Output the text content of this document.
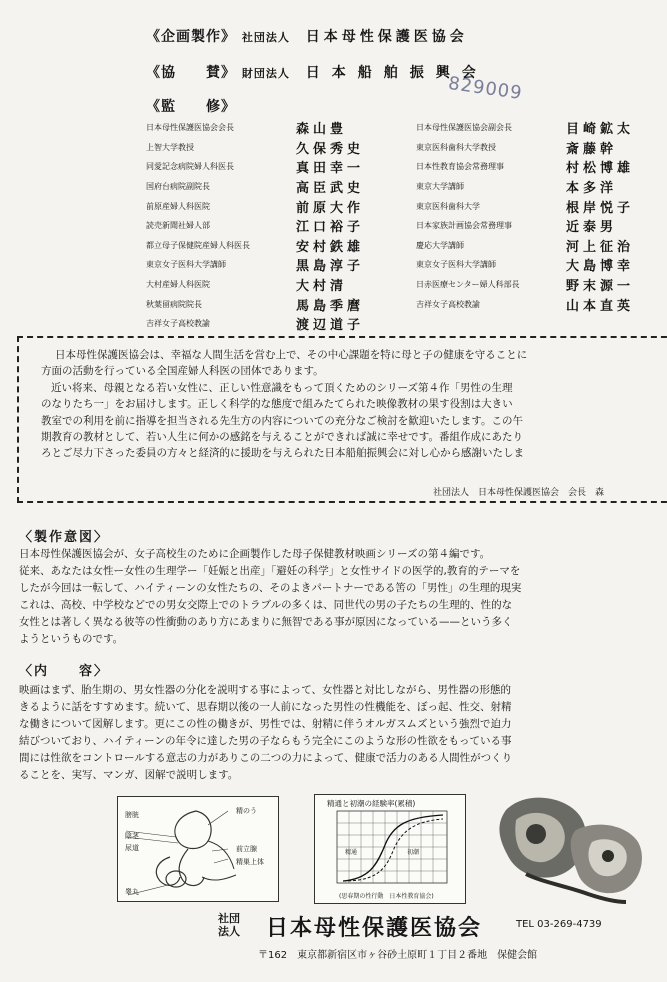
《企画製作》 社団法人 日本母性保護医協会
《協　　賛》 財団法人 日本船舶振興会
829009
《監　　修》
日本母性保護医協会会長	森山豊
上智大学教授	久保秀史
同愛記念病院婦人科医長	真田幸一
国府台病院副院長	高臣武史
前原産婦人科医院	前原大作
読売新聞社婦人部	江口裕子
都立母子保健院産婦人科医長	安村鉄雄
東京女子医科大学講師	黒島淳子
大村産婦人科医院	大村清
秋葉留病院院長	馬島季麿
吉祥女子高校教諭	渡辺道子
日本母性保護医協会副会長	目崎鉱太
東京医科歯科大学教授	斎藤幹
日本性教育協会常務理事	村松博雄
東京大学講師	本多洋
東京医科歯科大学	根岸悦子
日本家族計画協会常務理事	近泰男
慶応大学講師	河上征治
東京女子医科大学講師	大島博幸
日赤医療センター婦人科部長	野末源一
吉祥女子高校教諭	山本直英

日本母性保護医協会は、幸福な人間生活を営む上で、その中心課題を特に母と子の健康を守ることに

方面の活動を行っている全国産婦人科医の団体であります。

近い将来、母親となる若い女性に、正しい性意識をもって頂くためのシリーズ第４作「男性の生理

のなりたち一」をお届けします。正しく科学的な態度で組みたてられた映像教材の果す役割は大きい

教室での利用を前に指導を担当される先生方の内容についての充分なご検討を歓迎いたします。この午

期教育の教材として、若い人生に何かの感銘を与えることができれば誠に幸せです。番組作成にあたり

ろとご尽力下さった委員の方々と経済的に援助を与えられた日本船舶振興会に対し心から感謝いたしま

社団法人　日本母性保護医協会　会長　森
〈製作意図〉

日本母性保護医協会が、女子高校生のために企画製作した母子保健教材映画シリーズの第４編です。

従来、あなたは女性ー女性の生理学ー「妊娠と出産」「避妊の科学」と女性サイドの医学的,教育的テーマを

したが今回は一転して、ハイティーンの女性たちの、そのよきパートナーである筈の「男性」の生理的現実

これは、高校、中学校などでの男女交際上でのトラブルの多くは、同世代の男の子たちの生理的、性的な

女性とは著しく異なる彼等の性衝動のあり方にあまりに無智である事が原因になっている——という多く

ようというものです。

〈内　　容〉

映画はまず、胎生期の、男女性器の分化を説明する事によって、女性器と対比しながら、男性器の形態的

きるように話をすすめます。続いて、思春期以後の一人前になった男性の性機能を、ぼっ起、性交、射精

な働きについて図解します。更にこの性の働きが、男性では、射精に伴うオルガスムズという強烈で迫力

結びついており、ハイティーンの年令に達した男の子ならもう完全にこのような形の性欲をもっている事

間には性欲をコントロールする意志の力がありこの二つの力によって、健康で活力のある人間性がつくり

ることを、実写、マンガ、図解で説明します。

膀胱
前立腺
精のう
陰茎
尿道
精巣上体
睾丸
精通と初潮の経験率(累積)
精通	初潮
(思春期の性行動　日本性教育協会)
社団
法人 日本母性保護医協会	TEL 03-269-4739
〒162　東京都新宿区市ヶ谷砂土原町１丁目２番地　保健会館
